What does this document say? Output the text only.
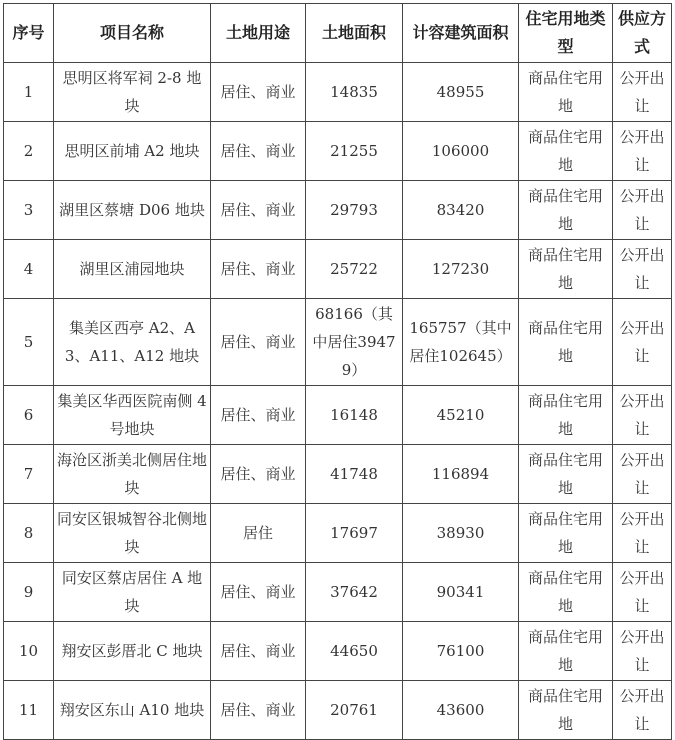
序号	项目名称	土地用途	土地面积	计容建筑面积	住宅用地类型	供应方式
1	思明区将军祠 2-8 地块	居住、商业	14835	48955	商品住宅用地	公开出让
2	思明区前埔 A2 地块	居住、商业	21255	106000	商品住宅用地	公开出让
3	湖里区蔡塘 D06 地块	居住、商业	29793	83420	商品住宅用地	公开出让
4	湖里区浦园地块	居住、商业	25722	127230	商品住宅用地	公开出让
5	集美区西亭 A2、A3、A11、A12 地块	居住、商业	68166（其中居住39479）	165757（其中居住102645）	商品住宅用地	公开出让
6	集美区华西医院南侧 4 号地块	居住、商业	16148	45210	商品住宅用地	公开出让
7	海沧区浙美北侧居住地块	居住、商业	41748	116894	商品住宅用地	公开出让
8	同安区银城智谷北侧地块	居住	17697	38930	商品住宅用地	公开出让
9	同安区蔡店居住 A 地块	居住、商业	37642	90341	商品住宅用地	公开出让
10	翔安区彭厝北 C 地块	居住、商业	44650	76100	商品住宅用地	公开出让
11	翔安区东山 A10 地块	居住、商业	20761	43600	商品住宅用地	公开出让
